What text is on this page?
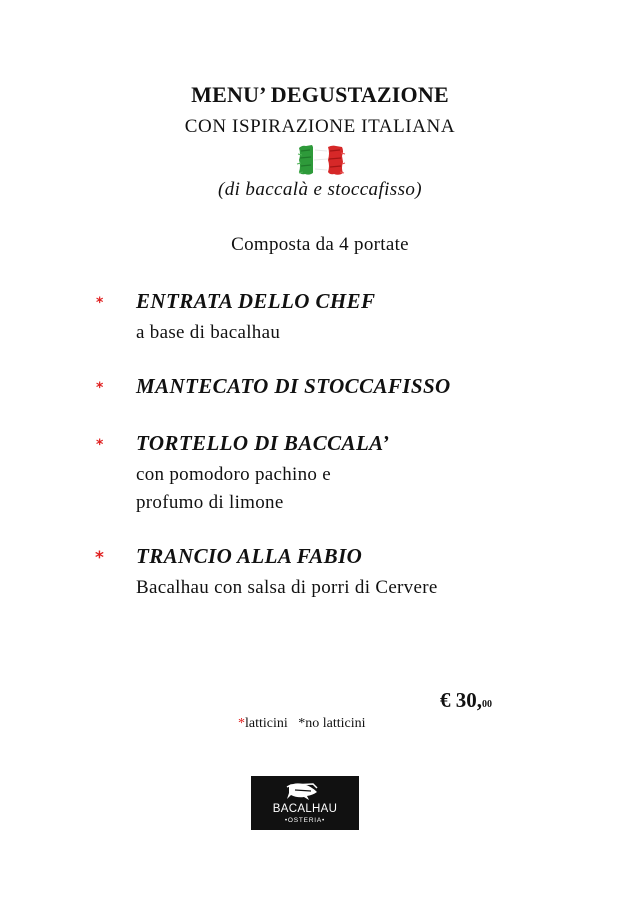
MENU’ DEGUSTAZIONE
CON ISPIRAZIONE ITALIANA
(di baccalà e stoccafisso)
Composta da 4 portate
* ENTRATA DELLO CHEF
a base di bacalhau
* MANTECATO DI STOCCAFISSO
* TORTELLO DI BACCALA’
con pomodoro pachino e
profumo di limone
* TRANCIO ALLA FABIO
Bacalhau con salsa di porri di Cervere
€ 30,00
*latticini *no latticini
BACALHAU
•OSTERIA•
